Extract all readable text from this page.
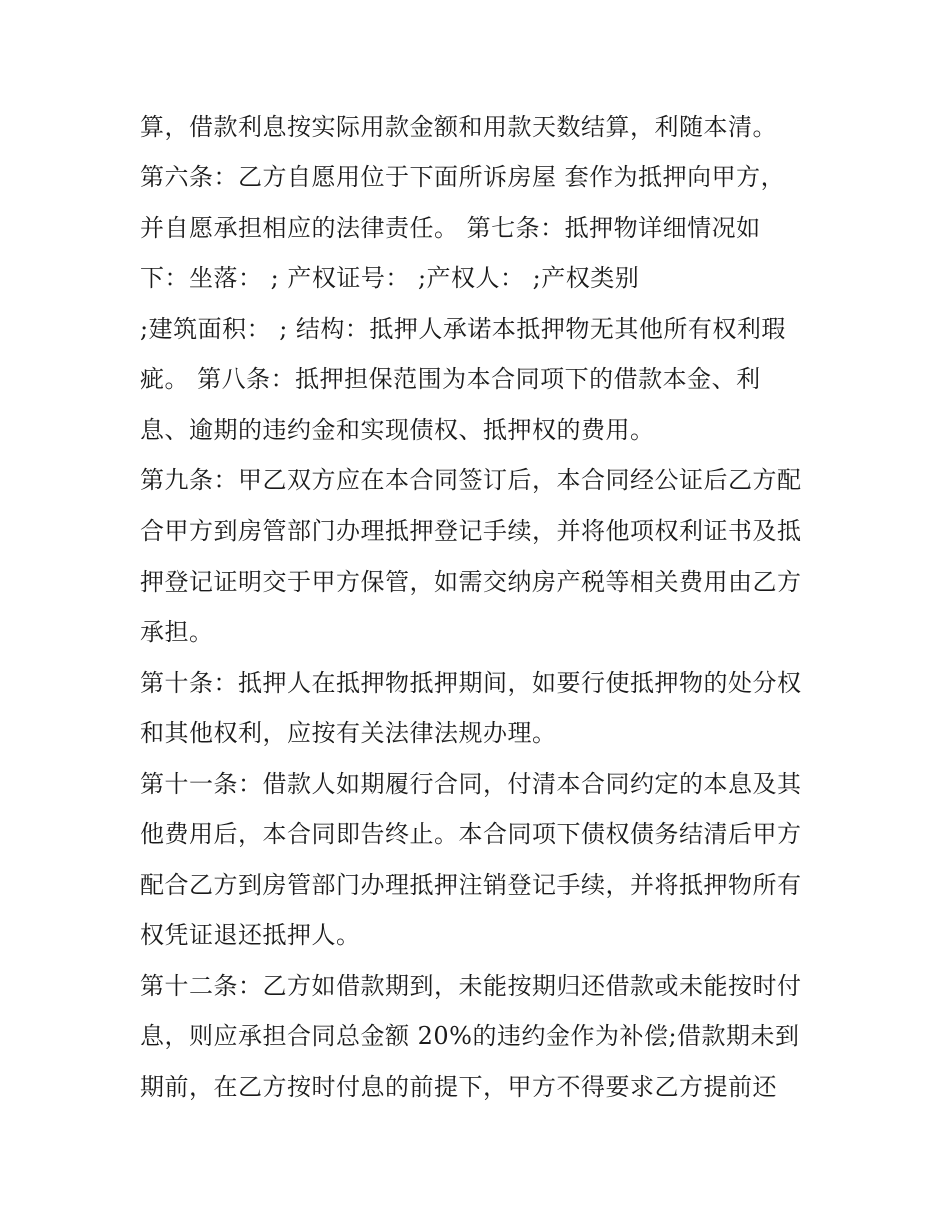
算，借款利息按实际用款金额和用款天数结算，利随本清。
第六条：乙方自愿用位于下面所诉房屋 套作为抵押向甲方，
并自愿承担相应的法律责任。 第七条：抵押物详细情况如
下：坐落： ; 产权证号： ;产权人： ;产权类别
;建筑面积： ; 结构：抵押人承诺本抵押物无其他所有权利瑕
疵。 第八条：抵押担保范围为本合同项下的借款本金、利
息、逾期的违约金和实现债权、抵押权的费用。
第九条：甲乙双方应在本合同签订后，本合同经公证后乙方配
合甲方到房管部门办理抵押登记手续，并将他项权利证书及抵
押登记证明交于甲方保管，如需交纳房产税等相关费用由乙方
承担。
第十条：抵押人在抵押物抵押期间，如要行使抵押物的处分权
和其他权利，应按有关法律法规办理。
第十一条：借款人如期履行合同，付清本合同约定的本息及其
他费用后，本合同即告终止。本合同项下债权债务结清后甲方
配合乙方到房管部门办理抵押注销登记手续，并将抵押物所有
权凭证退还抵押人。
第十二条：乙方如借款期到，未能按期归还借款或未能按时付
息，则应承担合同总金额 20%的违约金作为补偿;借款期未到
期前，在乙方按时付息的前提下，甲方不得要求乙方提前还
